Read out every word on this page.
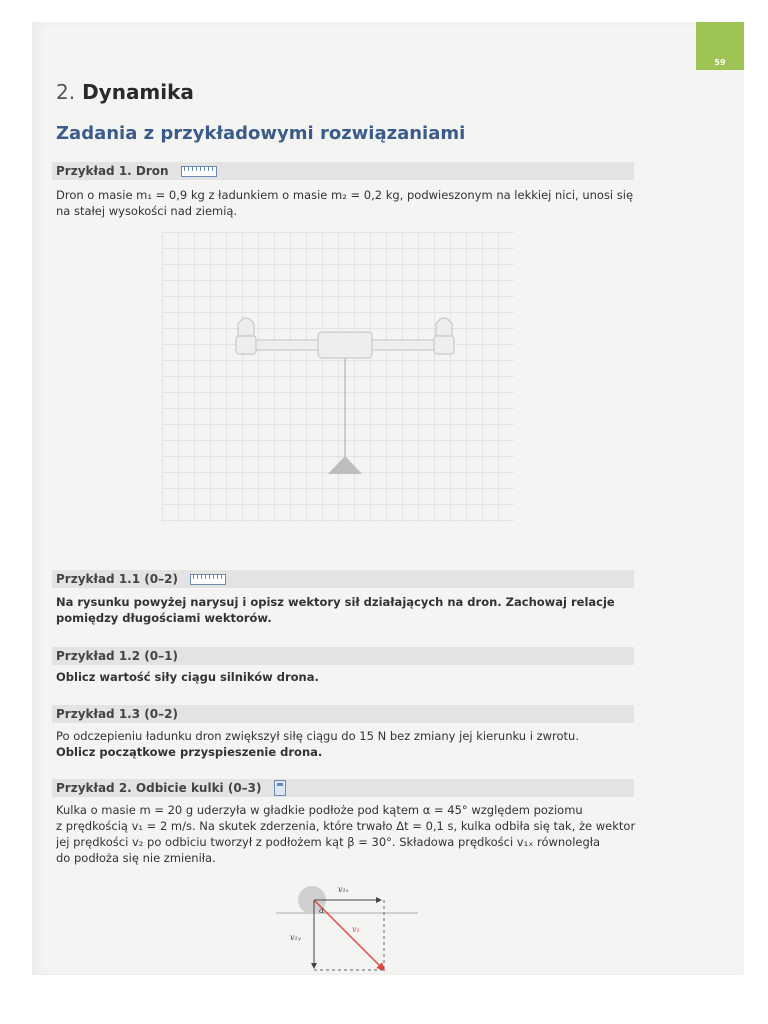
59
2. Dynamika
Zadania z przykładowymi rozwiązaniami
Przykład 1. Dron
Dron o masie m₁ = 0,9 kg z ładunkiem o masie m₂ = 0,2 kg, podwieszonym na lekkiej nici, unosi się
na stałej wysokości nad ziemią.
Przykład 1.1 (0–2)
Na rysunku powyżej narysuj i opisz wektory sił działających na dron. Zachowaj relacje
pomiędzy długościami wektorów.
Przykład 1.2 (0–1)
Oblicz wartość siły ciągu silników drona.
Przykład 1.3 (0–2)
Po odczepieniu ładunku dron zwiększył siłę ciągu do 15 N bez zmiany jej kierunku i zwrotu.
Oblicz początkowe przyspieszenie drona.
Przykład 2. Odbicie kulki (0–3)
Kulka o masie m = 20 g uderzyła w gładkie podłoże pod kątem α = 45° względem poziomu
z prędkością v₁ = 2 m/s. Na skutek zderzenia, które trwało Δt = 0,1 s, kulka odbiła się tak, że wektor
jej prędkości v₂ po odbiciu tworzył z podłożem kąt β = 30°. Składowa prędkości v₁ₓ równoległa
do podłoża się nie zmieniła.
v₁ₓ
v₁ᵧ
v₁
α
